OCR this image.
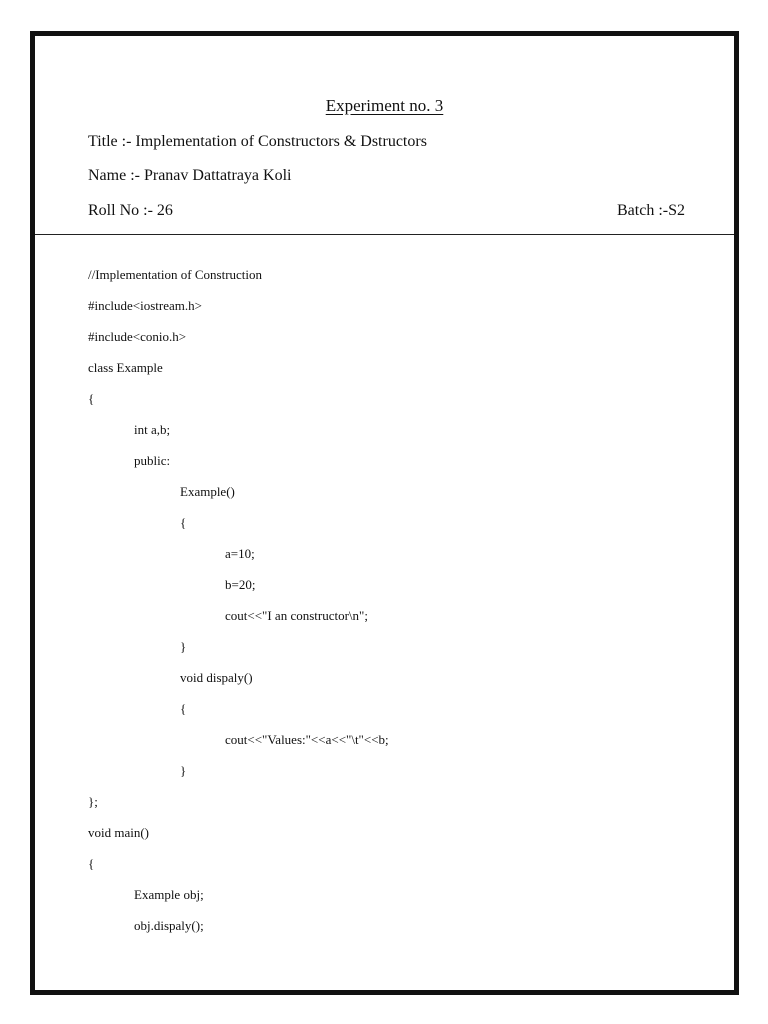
Experiment no. 3
Title :- Implementation of Constructors & Dstructors
Name :- Pranav Dattatraya Koli
Roll No :- 26	Batch :-S2
//Implementation of Construction
#include<iostream.h>
#include<conio.h>
class Example
{
int a,b;
public:
Example()
{
a=10;
b=20;
cout<<"I an constructor\n";
}
void dispaly()
{
cout<<"Values:"<<a<<"\t"<<b;
}
};
void main()
{
Example obj;
obj.dispaly();
